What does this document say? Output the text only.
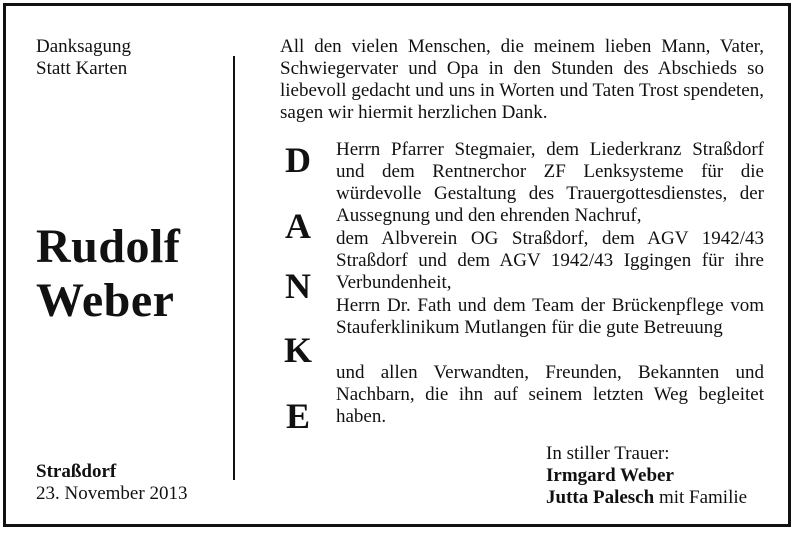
Danksagung
Statt Karten
Rudolf
Weber
Straßdorf
23. November 2013

All den vielen Menschen, die meinem lieben Mann, Vater, Schwiegervater und Opa in den Stunden des Abschieds so liebevoll gedacht und uns in Worten und Taten Trost spendeten, sagen wir hiermit herzlichen Dank.

D
A
N
K
E

Herrn Pfarrer Stegmaier, dem Liederkranz Straßdorf und dem Rentnerchor ZF Lenksysteme für die würdevolle Gestaltung des Trauergottesdienstes, der Aussegnung und den ehrenden Nachruf,

dem Albverein OG Straßdorf, dem AGV 1942/43 Straßdorf und dem AGV 1942/43 Iggingen für ihre Verbundenheit,

Herrn Dr. Fath und dem Team der Brückenpflege vom Stauferklinikum Mutlangen für die gute Betreuung

und allen Verwandten, Freunden, Bekannten und Nachbarn, die ihn auf seinem letzten Weg begleitet haben.

In stiller Trauer:
Irmgard Weber
Jutta Palesch mit Familie
